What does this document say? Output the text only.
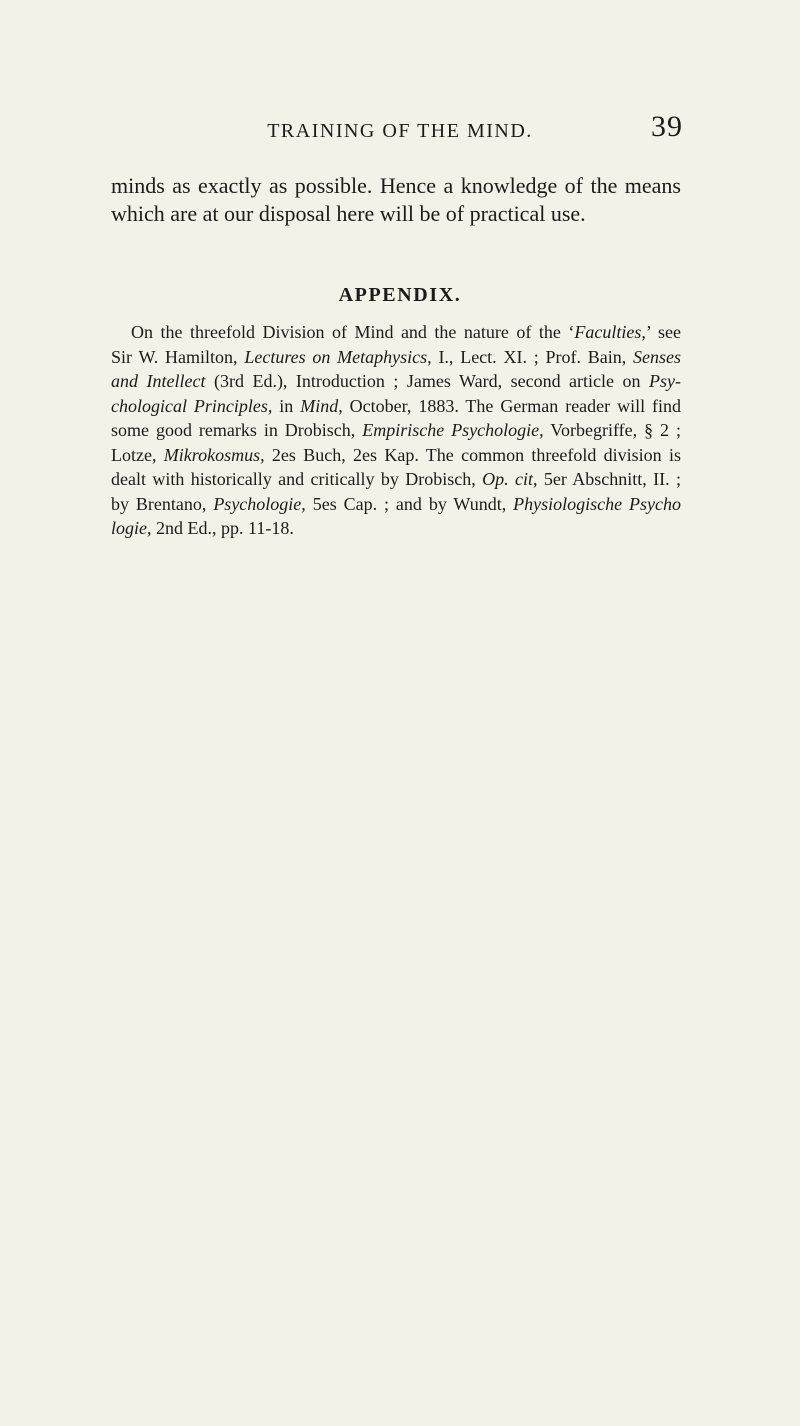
TRAINING OF THE MIND.	39

minds as exactly as possible. Hence a knowledge of the means
which are at our disposal here will be of practical use.

APPENDIX.

On the threefold Division of Mind and the nature of the ‘Faculties,’ see
Sir W. Hamilton, Lectures on Metaphysics, I., Lect. XI. ; Prof. Bain, Senses
and Intellect (3rd Ed.), Introduction ; James Ward, second article on Psy-
chological Principles, in Mind, October, 1883. The German reader will find
some good remarks in Drobisch, Empirische Psychologie, Vorbegriffe, § 2 ;
Lotze, Mikrokosmus, 2es Buch, 2es Kap. The common threefold division is
dealt with historically and critically by Drobisch, Op. cit, 5er Abschnitt, II. ;
by Brentano, Psychologie, 5es Cap. ; and by Wundt, Physiologische Psycho
logie, 2nd Ed., pp. 11-18.
